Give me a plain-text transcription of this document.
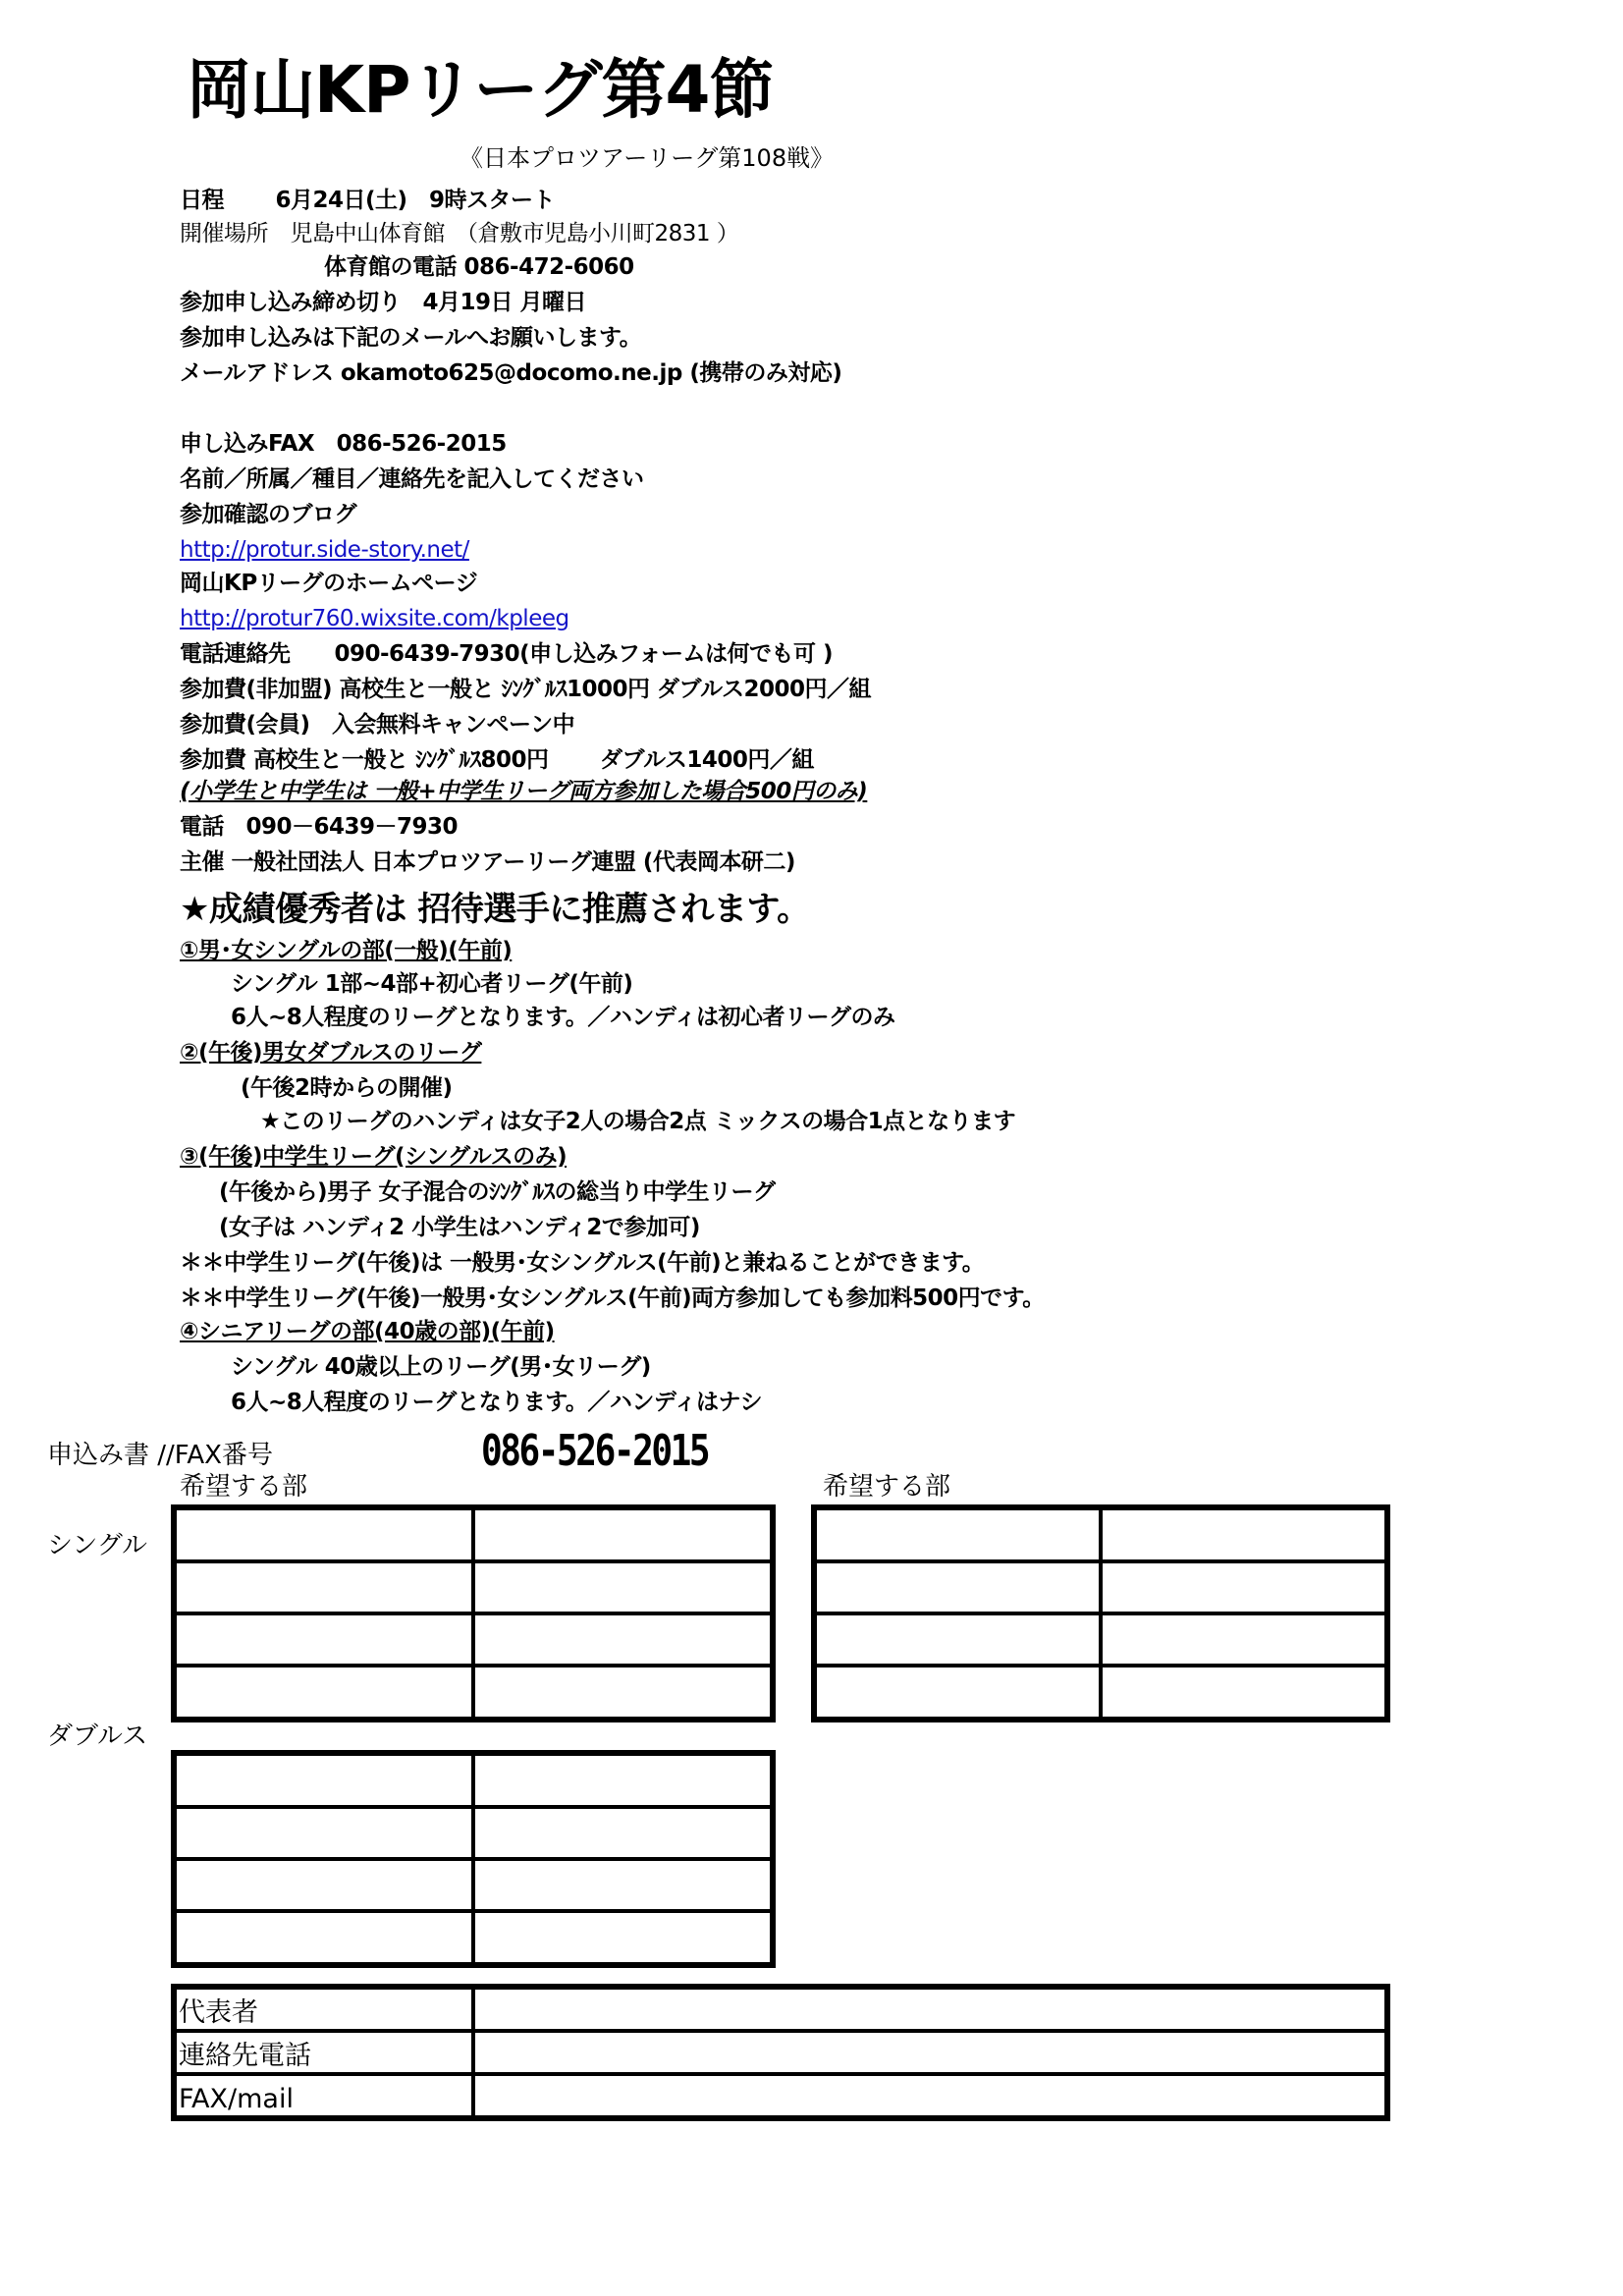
岡山KPリーグ第4節
《日本プロツアーリーグ第108戦》
日程　　 6月24日(土)　9時スタート
開催場所　児島中山体育館　（倉敷市児島小川町2831 ）
体育館の電話 086-472-6060
参加申し込み締め切り　4月19日 月曜日
参加申し込みは下記のメールへお願いします。
メールアドレス okamoto625@docomo.ne.jp (携帯のみ対応)
申し込みFAX　086-526-2015
名前／所属／種目／連絡先を記入してください
参加確認のブログ
http://protur.side-story.net/
岡山KPリーグのホームページ
http://protur760.wixsite.com/kpleeg
電話連絡先　　090-6439-7930(申し込みフォームは何でも可 )
参加費(非加盟) 高校生と一般と ｼﾝｸﾞﾙｽ1000円 ダブルス2000円／組
参加費(会員)　入会無料キャンペーン中
参加費 高校生と一般と ｼﾝｸﾞﾙｽ800円　　 ダブルス1400円／組
(小学生と中学生は 一般+中学生リーグ両方参加した場合500円のみ)
電話　090－6439－7930
主催 一般社団法人 日本プロツアーリーグ連盟 (代表岡本研二)
★成績優秀者は 招待選手に推薦されます。
①男･女シングルの部(一般)(午前)
シングル 1部~4部+初心者リーグ(午前)
6人~8人程度のリーグとなります。／ハンディは初心者リーグのみ
②(午後)男女ダブルスのリーグ
(午後2時からの開催)
★このリーグのハンディは女子2人の場合2点 ミックスの場合1点となります
③(午後)中学生リーグ(シングルスのみ)
(午後から)男子 女子混合のｼﾝｸﾞﾙｽの総当り中学生リーグ
(女子は ハンディ2 小学生はハンディ2で参加可)
＊＊中学生リーグ(午後)は 一般男･女シングルス(午前)と兼ねることができます。
＊＊中学生リーグ(午後)一般男･女シングルス(午前)両方参加しても参加料500円です。
④シニアリーグの部(40歳の部)(午前)
シングル 40歳以上のリーグ(男･女リーグ)
6人~8人程度のリーグとなります。／ハンディはナシ
申込み書 //FAX番号	086-526-2015
希望する部	希望する部
シングル
ダブルス

代表者	
連絡先電話	
FAX/mail	
